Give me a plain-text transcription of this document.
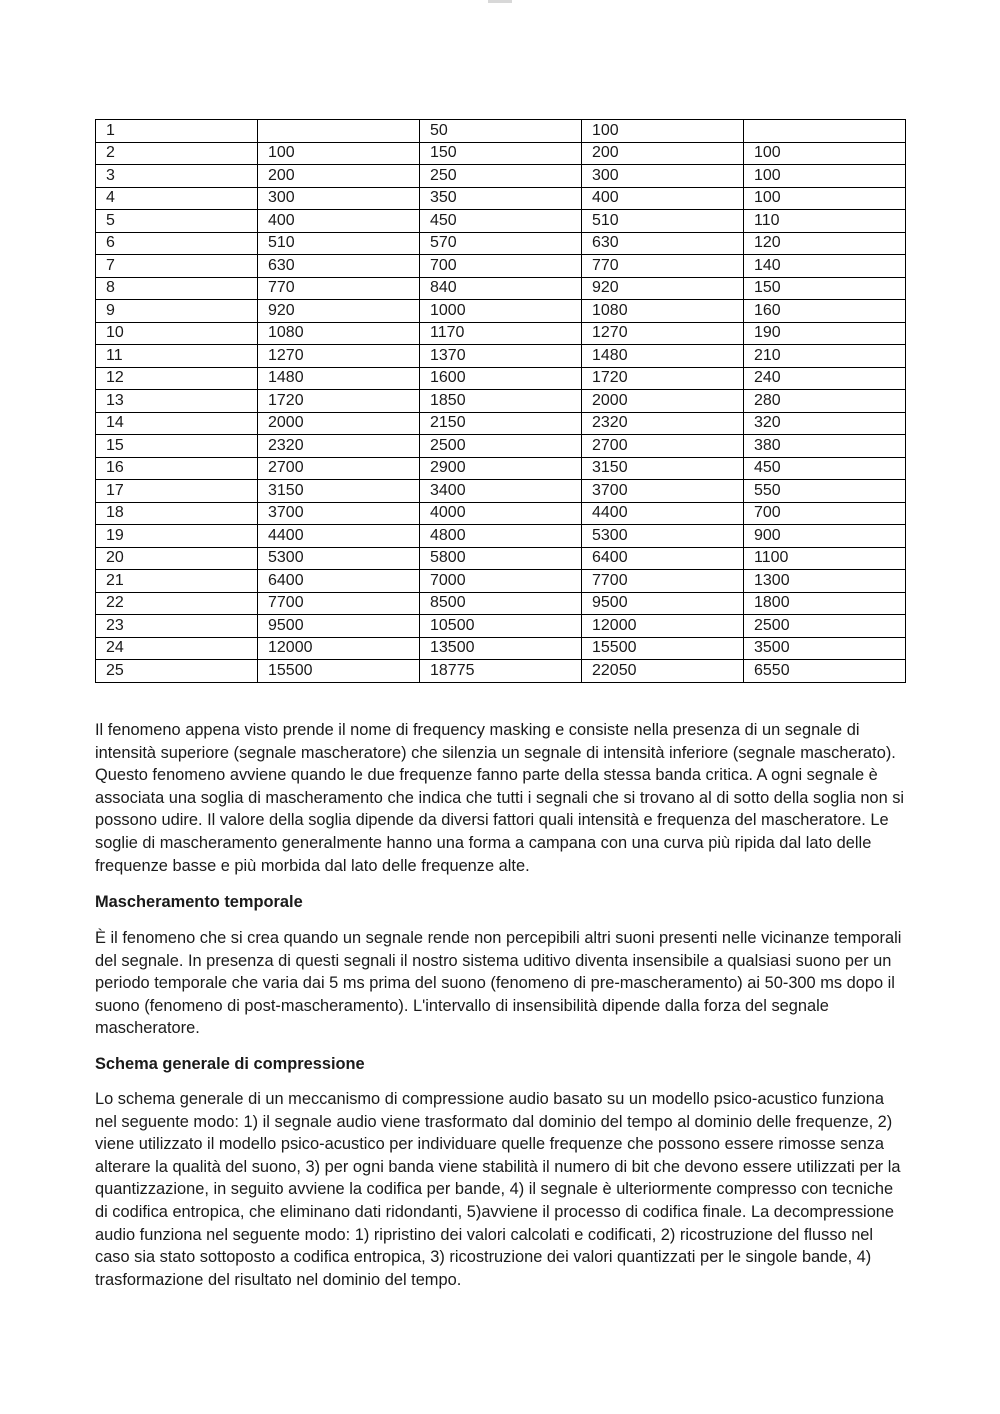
1		50	100	
2	100	150	200	100
3	200	250	300	100
4	300	350	400	100
5	400	450	510	110
6	510	570	630	120
7	630	700	770	140
8	770	840	920	150
9	920	1000	1080	160
10	1080	1170	1270	190
11	1270	1370	1480	210
12	1480	1600	1720	240
13	1720	1850	2000	280
14	2000	2150	2320	320
15	2320	2500	2700	380
16	2700	2900	3150	450
17	3150	3400	3700	550
18	3700	4000	4400	700
19	4400	4800	5300	900
20	5300	5800	6400	1100
21	6400	7000	7700	1300
22	7700	8500	9500	1800
23	9500	10500	12000	2500
24	12000	13500	15500	3500
25	15500	18775	22050	6550

Il fenomeno appena visto prende il nome di frequency masking e consiste nella presenza di un segnale di intensità superiore (segnale mascheratore) che silenzia un segnale di intensità inferiore (segnale mascherato). Questo fenomeno avviene quando le due frequenze fanno parte della stessa banda critica. A ogni segnale è associata una soglia di mascheramento che indica che tutti i segnali che si trovano al di sotto della soglia non si possono udire. Il valore della soglia dipende da diversi fattori quali intensità e frequenza del mascheratore. Le soglie di mascheramento generalmente hanno una forma a campana con una curva più ripida dal lato delle frequenze basse e più morbida dal lato delle frequenze alte.

Mascheramento temporale

È il fenomeno che si crea quando un segnale rende non percepibili altri suoni presenti nelle vicinanze temporali del segnale. In presenza di questi segnali il nostro sistema uditivo diventa insensibile a qualsiasi suono per un periodo temporale che varia dai 5 ms prima del suono (fenomeno di pre-mascheramento) ai 50-300 ms dopo il suono (fenomeno di post-mascheramento). L'intervallo di insensibilità dipende dalla forza del segnale mascheratore.

Schema generale di compressione

Lo schema generale di un meccanismo di compressione audio basato su un modello psico-acustico funziona nel seguente modo: 1) il segnale audio viene trasformato dal dominio del tempo al dominio delle frequenze, 2) viene utilizzato il modello psico-acustico per individuare quelle frequenze che possono essere rimosse senza alterare la qualità del suono, 3) per ogni banda viene stabilità il numero di bit che devono essere utilizzati per la quantizzazione, in seguito avviene la codifica per bande, 4) il segnale è ulteriormente compresso con tecniche di codifica entropica, che eliminano dati ridondanti, 5)avviene il processo di codifica finale. La decompressione audio funziona nel seguente modo: 1) ripristino dei valori calcolati e codificati, 2) ricostruzione del flusso nel caso sia stato sottoposto a codifica entropica, 3) ricostruzione dei valori quantizzati per le singole bande, 4) trasformazione del risultato nel dominio del tempo.
